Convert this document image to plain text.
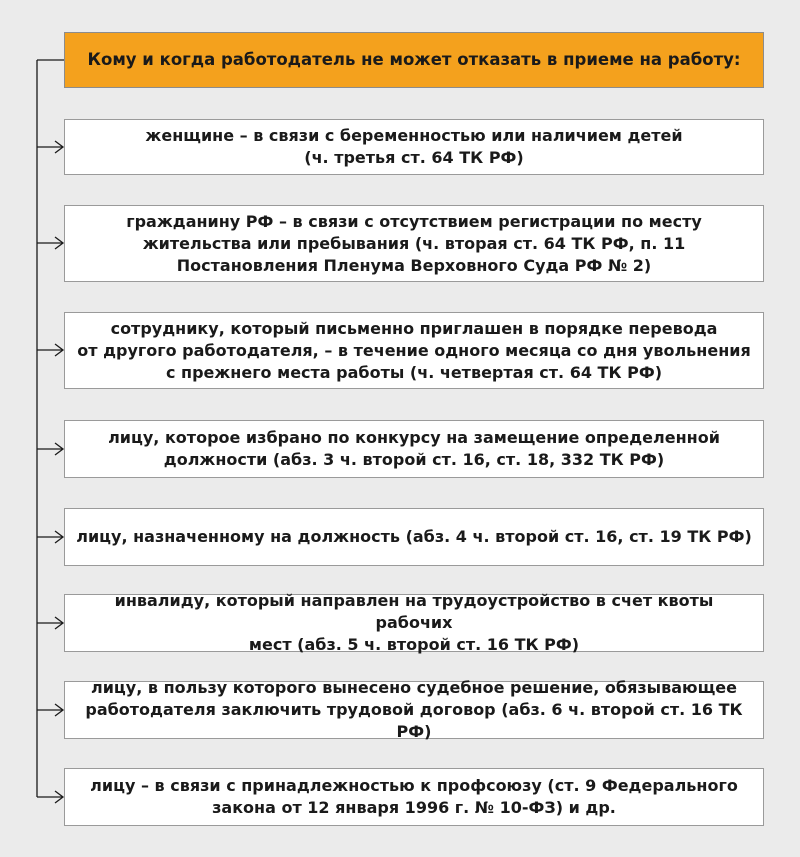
Кому и когда работодатель не может отказать в приеме на работу:
женщине – в связи с беременностью или наличием детей
(ч. третья ст. 64 ТК РФ)
гражданину РФ – в связи с отсутствием регистрации по месту
жительства или пребывания (ч. вторая ст. 64 ТК РФ, п. 11
Постановления Пленума Верховного Суда РФ № 2)
сотруднику, который письменно приглашен в порядке перевода
от другого работодателя, – в течение одного месяца со дня увольнения
с прежнего места работы (ч. четвертая ст. 64 ТК РФ)
лицу, которое избрано по конкурсу на замещение определенной
должности (абз. 3 ч. второй ст. 16, ст. 18, 332 ТК РФ)
лицу, назначенному на должность (абз. 4 ч. второй ст. 16, ст. 19 ТК РФ)
инвалиду, который направлен на трудоустройство в счет квоты рабочих
мест (абз. 5 ч. второй ст. 16 ТК РФ)
лицу, в пользу которого вынесено судебное решение, обязывающее
работодателя заключить трудовой договор (абз. 6 ч. второй ст. 16 ТК РФ)
лицу – в связи с принадлежностью к профсоюзу (ст. 9 Федерального
закона от 12 января 1996 г. № 10-ФЗ) и др.
